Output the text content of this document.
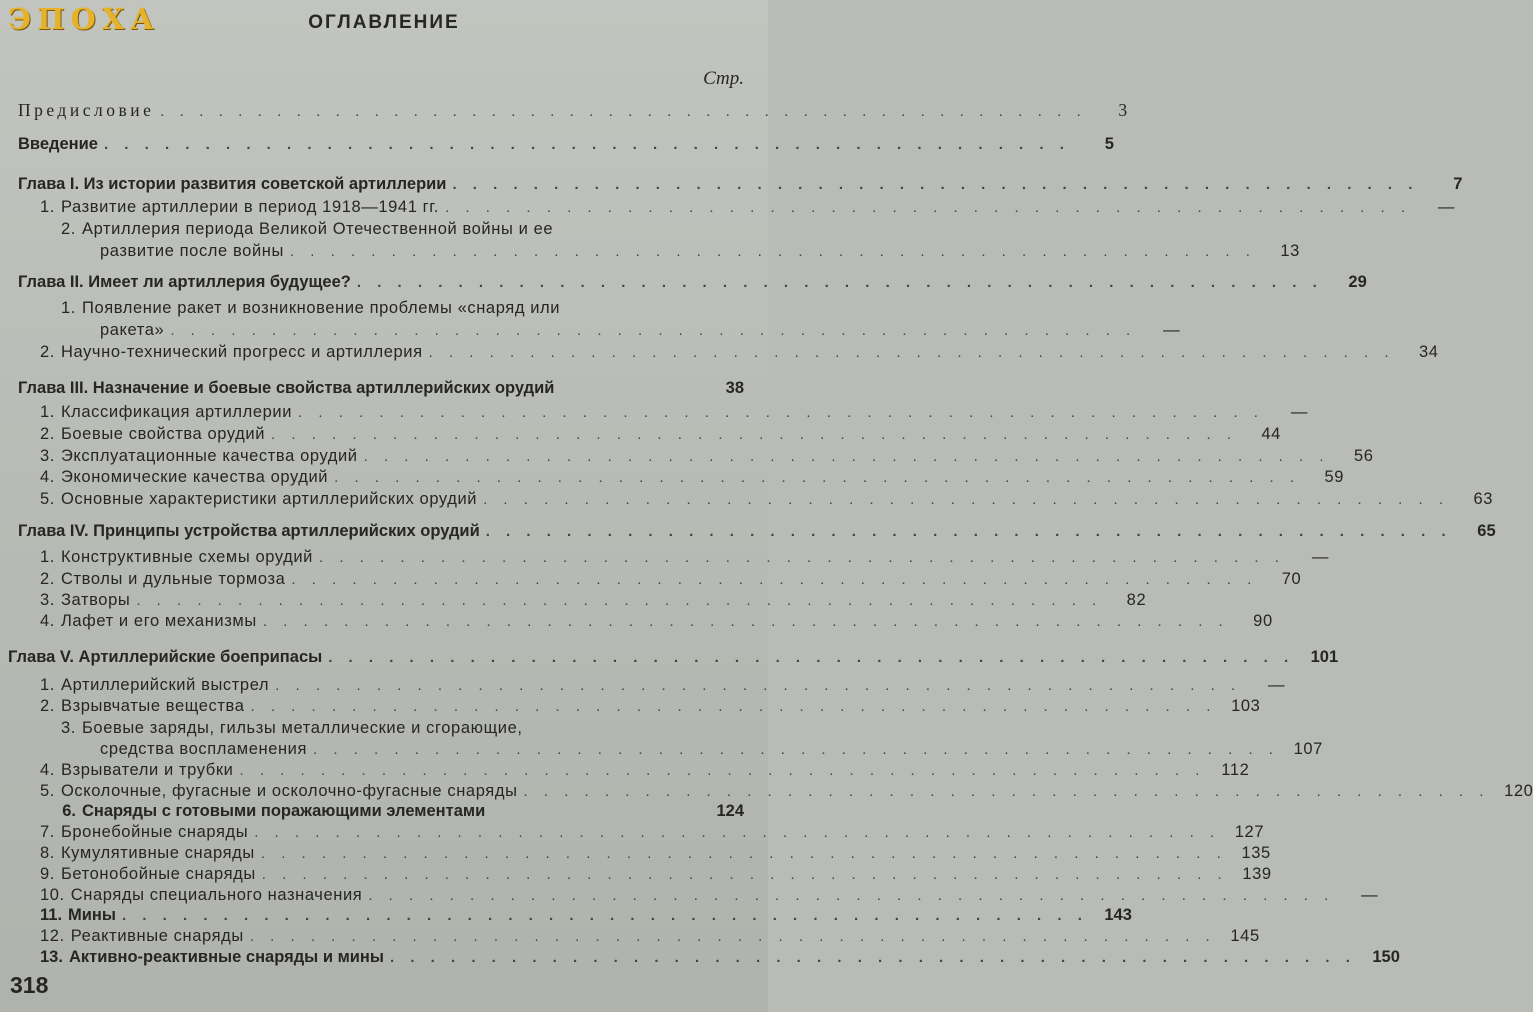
ЭПОХА	ОГЛАВЛЕНИЕ
Стр.
Предисловие . . . . . . . . . . . . . . . . . . . . . . . . . . . . . . . . . . . . . . . . . . . . . . . .	3
Введение . . . . . . . . . . . . . . . . . . . . . . . . . . . . . . . . . . . . . . . . . . . . . . . .	5
Глава I. Из истории развития советской артиллерии . . . . . . . . . . . . . . . . . . . . . . . . . . . . . . . . . . . . . . . . . . . . . . . .	7
1. Развитие артиллерии в период 1918—1941 гг. . . . . . . . . . . . . . . . . . . . . . . . . . . . . . . . . . . . . . . . . . . . . . . . .	—
2. Артиллерия периода Великой Отечественной войны и ее
развитие после войны . . . . . . . . . . . . . . . . . . . . . . . . . . . . . . . . . . . . . . . . . . . . . . . .	13
Глава II. Имеет ли артиллерия будущее? . . . . . . . . . . . . . . . . . . . . . . . . . . . . . . . . . . . . . . . . . . . . . . . .	29
1. Появление ракет и возникновение проблемы «снаряд или
ракета» . . . . . . . . . . . . . . . . . . . . . . . . . . . . . . . . . . . . . . . . . . . . . . . .	—
2. Научно-технический прогресс и артиллерия . . . . . . . . . . . . . . . . . . . . . . . . . . . . . . . . . . . . . . . . . . . . . . . .	34
Глава III. Назначение и боевые свойства артиллерийских орудий	38
1. Классификация артиллерии . . . . . . . . . . . . . . . . . . . . . . . . . . . . . . . . . . . . . . . . . . . . . . . .	—
2. Боевые свойства орудий . . . . . . . . . . . . . . . . . . . . . . . . . . . . . . . . . . . . . . . . . . . . . . . .	44
3. Эксплуатационные качества орудий . . . . . . . . . . . . . . . . . . . . . . . . . . . . . . . . . . . . . . . . . . . . . . . .	56
4. Экономические качества орудий . . . . . . . . . . . . . . . . . . . . . . . . . . . . . . . . . . . . . . . . . . . . . . . .	59
5. Основные характеристики артиллерийских орудий . . . . . . . . . . . . . . . . . . . . . . . . . . . . . . . . . . . . . . . . . . . . . . . .	63
Глава IV. Принципы устройства артиллерийских орудий . . . . . . . . . . . . . . . . . . . . . . . . . . . . . . . . . . . . . . . . . . . . . . . .	65
1. Конструктивные схемы орудий . . . . . . . . . . . . . . . . . . . . . . . . . . . . . . . . . . . . . . . . . . . . . . . .	—
2. Стволы и дульные тормоза . . . . . . . . . . . . . . . . . . . . . . . . . . . . . . . . . . . . . . . . . . . . . . . .	70
3. Затворы . . . . . . . . . . . . . . . . . . . . . . . . . . . . . . . . . . . . . . . . . . . . . . . .	82
4. Лафет и его механизмы . . . . . . . . . . . . . . . . . . . . . . . . . . . . . . . . . . . . . . . . . . . . . . . .	90
Глава V. Артиллерийские боеприпасы . . . . . . . . . . . . . . . . . . . . . . . . . . . . . . . . . . . . . . . . . . . . . . . . 101
1. Артиллерийский выстрел . . . . . . . . . . . . . . . . . . . . . . . . . . . . . . . . . . . . . . . . . . . . . . . .	—
2. Взрывчатые вещества . . . . . . . . . . . . . . . . . . . . . . . . . . . . . . . . . . . . . . . . . . . . . . . . 103
3. Боевые заряды, гильзы металлические и сгорающие,
средства воспламенения . . . . . . . . . . . . . . . . . . . . . . . . . . . . . . . . . . . . . . . . . . . . . . . . 107
4. Взрыватели и трубки . . . . . . . . . . . . . . . . . . . . . . . . . . . . . . . . . . . . . . . . . . . . . . . . 112
5. Осколочные, фугасные и осколочно-фугасные снаряды . . . . . . . . . . . . . . . . . . . . . . . . . . . . . . . . . . . . . . . . . . . . . . . . 120
6. Снаряды с готовыми поражающими элементами	124
7. Бронебойные снаряды . . . . . . . . . . . . . . . . . . . . . . . . . . . . . . . . . . . . . . . . . . . . . . . . 127
8. Кумулятивные снаряды . . . . . . . . . . . . . . . . . . . . . . . . . . . . . . . . . . . . . . . . . . . . . . . . 135
9. Бетонобойные снаряды . . . . . . . . . . . . . . . . . . . . . . . . . . . . . . . . . . . . . . . . . . . . . . . . 139
10. Снаряды специального назначения . . . . . . . . . . . . . . . . . . . . . . . . . . . . . . . . . . . . . . . . . . . . . . . .	—
11. Мины . . . . . . . . . . . . . . . . . . . . . . . . . . . . . . . . . . . . . . . . . . . . . . . . 143
12. Реактивные снаряды . . . . . . . . . . . . . . . . . . . . . . . . . . . . . . . . . . . . . . . . . . . . . . . . 145
13. Активно-реактивные снаряды и мины . . . . . . . . . . . . . . . . . . . . . . . . . . . . . . . . . . . . . . . . . . . . . . . . 150
318
